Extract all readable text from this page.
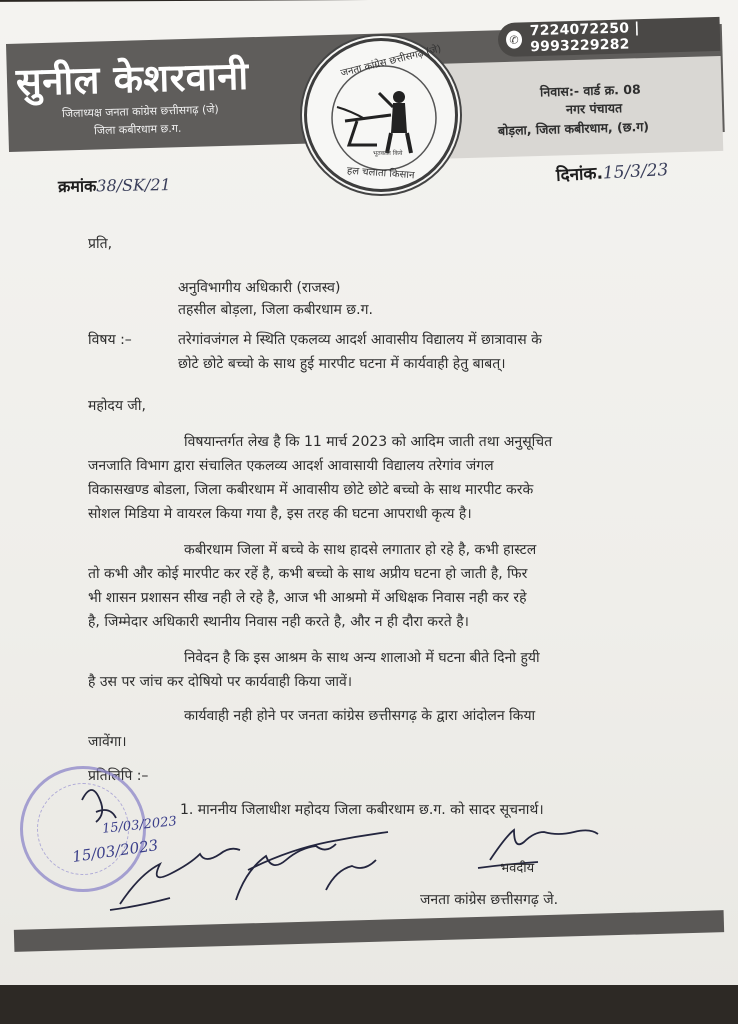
✆
7224072250 | 9993229282
सुनील केशरवानी
जिलाध्यक्ष जनता कांग्रेस छत्तीसगढ़ (जे)
जिला कबीरधाम छ.ग.
निवास:- वार्ड क्र. 08
नगर पंचायत
बोड़ला, जिला कबीरधाम, (छ.ग)
जनता कांग्रेस छत्तीसगढ़ (जे)
भूतकाल किये
हल चलाता किसान
क्रमांक38/SK/21	दिनांक.15/3/23
प्रति,
अनुविभागीय अधिकारी (राजस्व)
तहसील बोड़ला, जिला कबीरधाम छ.ग.
विषय :–	तरेगांवजंगल मे स्थिति एकलव्य आदर्श आवासीय विद्यालय में छात्रावास के
छोटे छोटे बच्चो के साथ हुई मारपीट घटना में कार्यवाही हेतु बाबत्।
महोदय जी,
विषयान्तर्गत लेख है कि 11 मार्च 2023 को आदिम जाती तथा अनुसूचित
जनजाति विभाग द्वारा संचालित एकलव्य आदर्श आवासायी विद्यालय तरेगांव जंगल
विकासखण्ड बोडला, जिला कबीरधाम में आवासीय छोटे छोटे बच्चो के साथ मारपीट करके
सोशल मिडिया मे वायरल किया गया है, इस तरह की घटना आपराधी कृत्य है।
कबीरधाम जिला में बच्चे के साथ हादसे लगातार हो रहे है, कभी हास्टल
तो कभी और कोई मारपीट कर रहें है, कभी बच्चो के साथ अप्रीय घटना हो जाती है, फिर
भी शासन प्रशासन सीख नही ले रहे है, आज भी आश्रमो में अधिक्षक निवास नही कर रहे
है, जिम्मेदार अधिकारी स्थानीय निवास नही करते है, और न ही दौरा करते है।
निवेदन है कि इस आश्रम के साथ अन्य शालाओ में घटना बीते दिनो हुयी
है उस पर जांच कर दोषियो पर कार्यवाही किया जावें।
कार्यवाही नही होने पर जनता कांग्रेस छत्तीसगढ़ के द्वारा आंदोलन किया
जावेंगा।
प्रतिलिपि :–
1. माननीय जिलाधीश महोदय जिला कबीरधाम छ.ग. को सादर सूचनार्थ।
15/03/2023
15/03/2023
भवदीय
जनता कांग्रेस छत्तीसगढ़ जे.
